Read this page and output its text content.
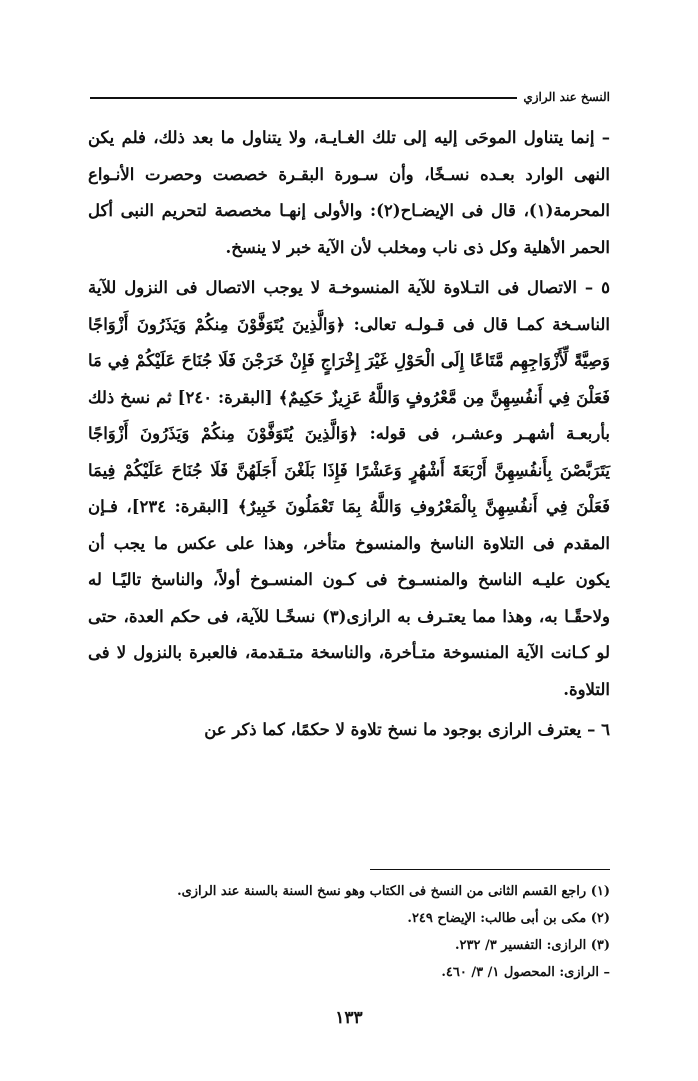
النسخ عند الرازي

– إنما يتناول الموحَى إليه إلى تلك الغـايـة، ولا يتناول ما بعد ذلك، فلم يكن النهى الوارد بعـده نسـخًا، وأن سـورة البقـرة خصصت وحصرت الأنـواع المحرمة(١)، قال فى الإيضـاح(٢): والأولى إنهـا مخصصة لتحريم النبى أكل الحمر الأهلية وكل ذى ناب ومخلب لأن الآية خبر لا ينسخ.

٥ – الاتصال فى التـلاوة للآية المنسوخـة لا يوجب الاتصال فى النزول للآية الناسـخة كمـا قال فى قـولـه تعالى: ﴿وَالَّذِينَ يُتَوَفَّوْنَ مِنكُمْ وَيَذَرُونَ أَزْوَاجًا وَصِيَّةً لِّأَزْوَاجِهِم مَّتَاعًا إِلَى الْحَوْلِ غَيْرَ إِخْرَاجٍ فَإِنْ خَرَجْنَ فَلَا جُنَاحَ عَلَيْكُمْ فِي مَا فَعَلْنَ فِي أَنفُسِهِنَّ مِن مَّعْرُوفٍ وَاللَّهُ عَزِيزٌ حَكِيمٌ﴾ [البقرة: ٢٤٠] ثم نسخ ذلك بأربعـة أشهـر وعشـر، فى قوله: ﴿وَالَّذِينَ يُتَوَفَّوْنَ مِنكُمْ وَيَذَرُونَ أَزْوَاجًا يَتَرَبَّصْنَ بِأَنفُسِهِنَّ أَرْبَعَةَ أَشْهُرٍ وَعَشْرًا فَإِذَا بَلَغْنَ أَجَلَهُنَّ فَلَا جُنَاحَ عَلَيْكُمْ فِيمَا فَعَلْنَ فِي أَنفُسِهِنَّ بِالْمَعْرُوفِ وَاللَّهُ بِمَا تَعْمَلُونَ خَبِيرٌ﴾ [البقرة: ٢٣٤]، فـإن المقدم فى التلاوة الناسخ والمنسوخ متأخر، وهذا على عكس ما يجب أن يكون عليـه الناسخ والمنسـوخ فى كـون المنسـوخ أولاً، والناسخ تاليًـا له ولاحقًـا به، وهذا مما يعتـرف به الرازى(٣) نسخًـا للآية، فى حكم العدة، حتى لو كـانت الآية المنسوخة متـأخرة، والناسخة متـقدمة، فالعبرة بالنزول لا فى التلاوة.

٦ – يعترف الرازى بوجود ما نسخ تلاوة لا حكمًا، كما ذكر عن

(١) راجع القسم الثانى من النسخ فى الكتاب وهو نسخ السنة بالسنة عند الرازى.
(٢) مكى بن أبى طالب: الإيضاح ٢٤٩.
(٣) الرازى: التفسير ٣/ ٢٣٢.
– الرازى: المحصول ١/ ٣/ ٤٦٠.
١٣٣
